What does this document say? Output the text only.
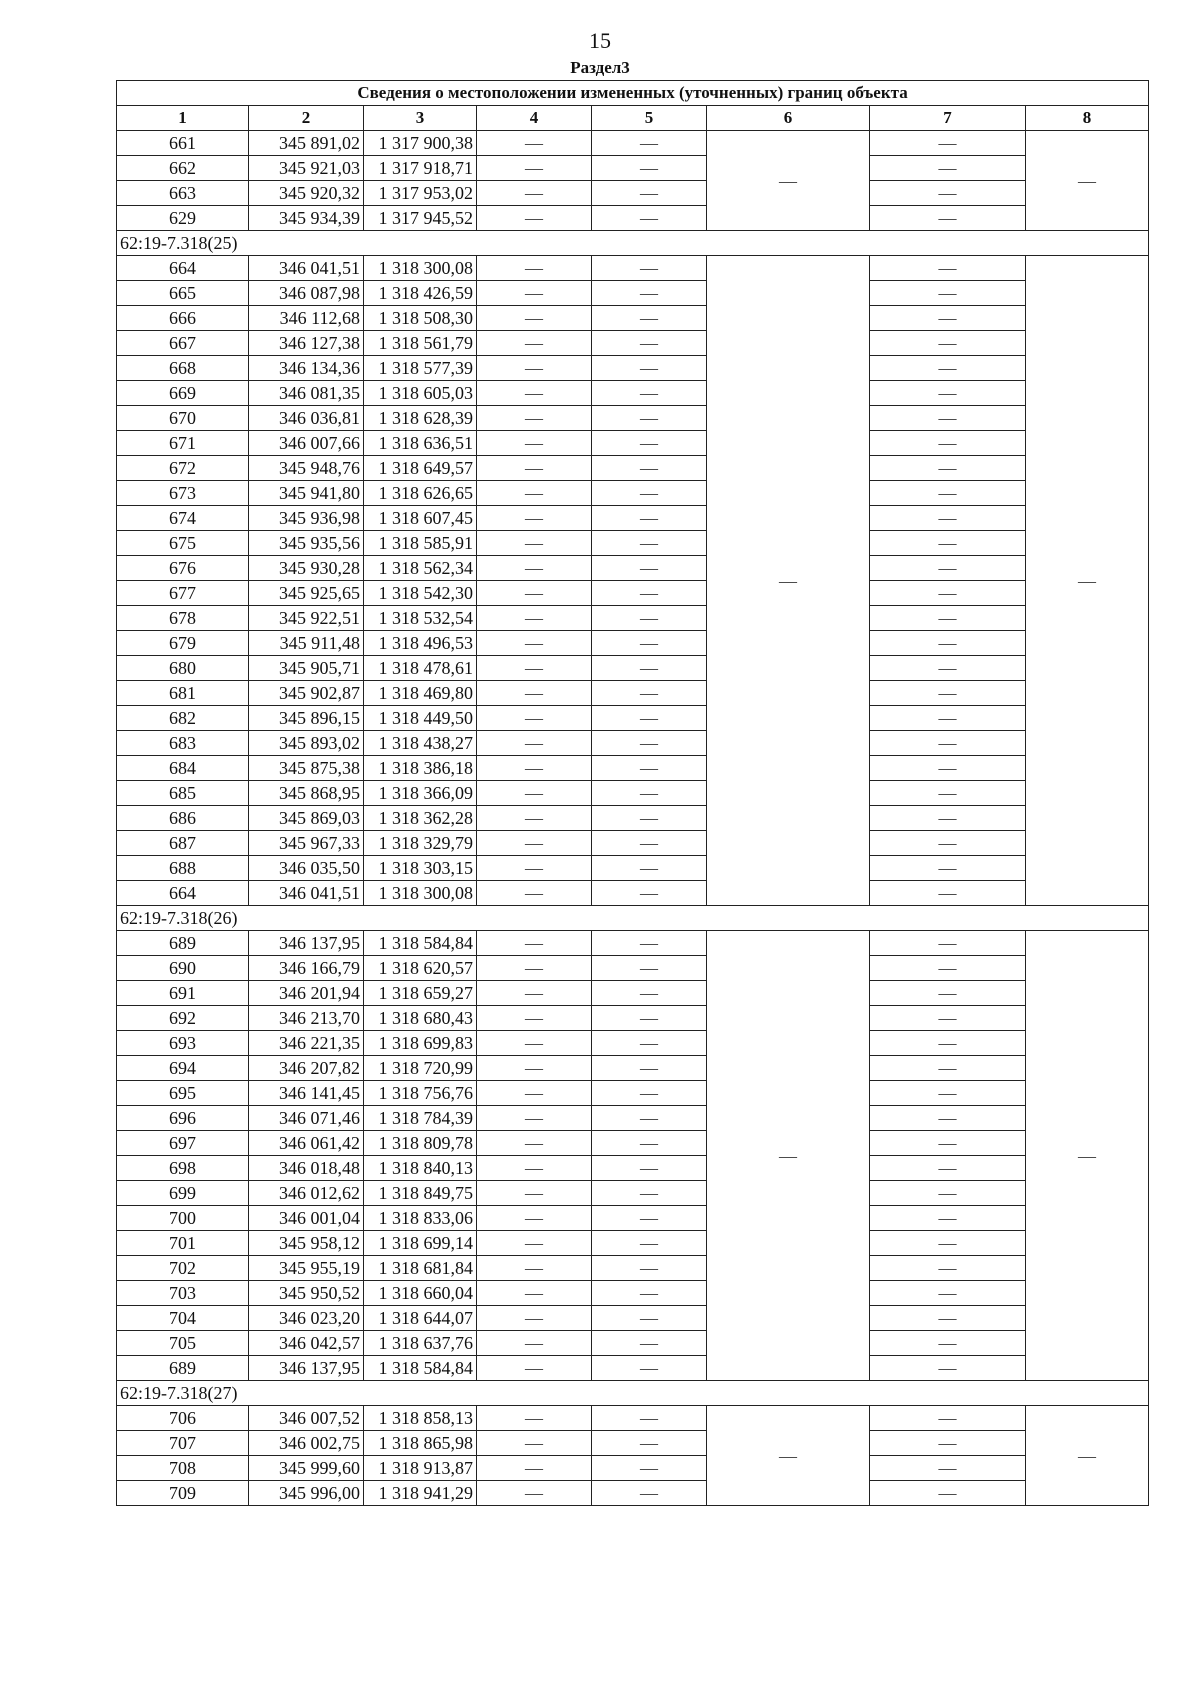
15
Раздел3
Сведения о местоположении измененных (уточненных) границ объекта							
1	2	3	4	5	6	7	8
661	345 891,02	1 317 900,38	—	—	—	—	—
662	345 921,03	1 317 918,71	—	—		—	
663	345 920,32	1 317 953,02	—	—		—	
629	345 934,39	1 317 945,52	—	—		—	
62:19-7.318(25)							
664	346 041,51	1 318 300,08	—	—	—	—	—
665	346 087,98	1 318 426,59	—	—		—	
666	346 112,68	1 318 508,30	—	—		—	
667	346 127,38	1 318 561,79	—	—		—	
668	346 134,36	1 318 577,39	—	—		—	
669	346 081,35	1 318 605,03	—	—		—	
670	346 036,81	1 318 628,39	—	—		—	
671	346 007,66	1 318 636,51	—	—		—	
672	345 948,76	1 318 649,57	—	—		—	
673	345 941,80	1 318 626,65	—	—		—	
674	345 936,98	1 318 607,45	—	—		—	
675	345 935,56	1 318 585,91	—	—		—	
676	345 930,28	1 318 562,34	—	—		—	
677	345 925,65	1 318 542,30	—	—		—	
678	345 922,51	1 318 532,54	—	—		—	
679	345 911,48	1 318 496,53	—	—		—	
680	345 905,71	1 318 478,61	—	—		—	
681	345 902,87	1 318 469,80	—	—		—	
682	345 896,15	1 318 449,50	—	—		—	
683	345 893,02	1 318 438,27	—	—		—	
684	345 875,38	1 318 386,18	—	—		—	
685	345 868,95	1 318 366,09	—	—		—	
686	345 869,03	1 318 362,28	—	—		—	
687	345 967,33	1 318 329,79	—	—		—	
688	346 035,50	1 318 303,15	—	—		—	
664	346 041,51	1 318 300,08	—	—		—	
62:19-7.318(26)							
689	346 137,95	1 318 584,84	—	—	—	—	—
690	346 166,79	1 318 620,57	—	—		—	
691	346 201,94	1 318 659,27	—	—		—	
692	346 213,70	1 318 680,43	—	—		—	
693	346 221,35	1 318 699,83	—	—		—	
694	346 207,82	1 318 720,99	—	—		—	
695	346 141,45	1 318 756,76	—	—		—	
696	346 071,46	1 318 784,39	—	—		—	
697	346 061,42	1 318 809,78	—	—		—	
698	346 018,48	1 318 840,13	—	—		—	
699	346 012,62	1 318 849,75	—	—		—	
700	346 001,04	1 318 833,06	—	—		—	
701	345 958,12	1 318 699,14	—	—		—	
702	345 955,19	1 318 681,84	—	—		—	
703	345 950,52	1 318 660,04	—	—		—	
704	346 023,20	1 318 644,07	—	—		—	
705	346 042,57	1 318 637,76	—	—		—	
689	346 137,95	1 318 584,84	—	—		—	
62:19-7.318(27)							
706	346 007,52	1 318 858,13	—	—	—	—	—
707	346 002,75	1 318 865,98	—	—		—	
708	345 999,60	1 318 913,87	—	—		—	
709	345 996,00	1 318 941,29	—	—		—	
